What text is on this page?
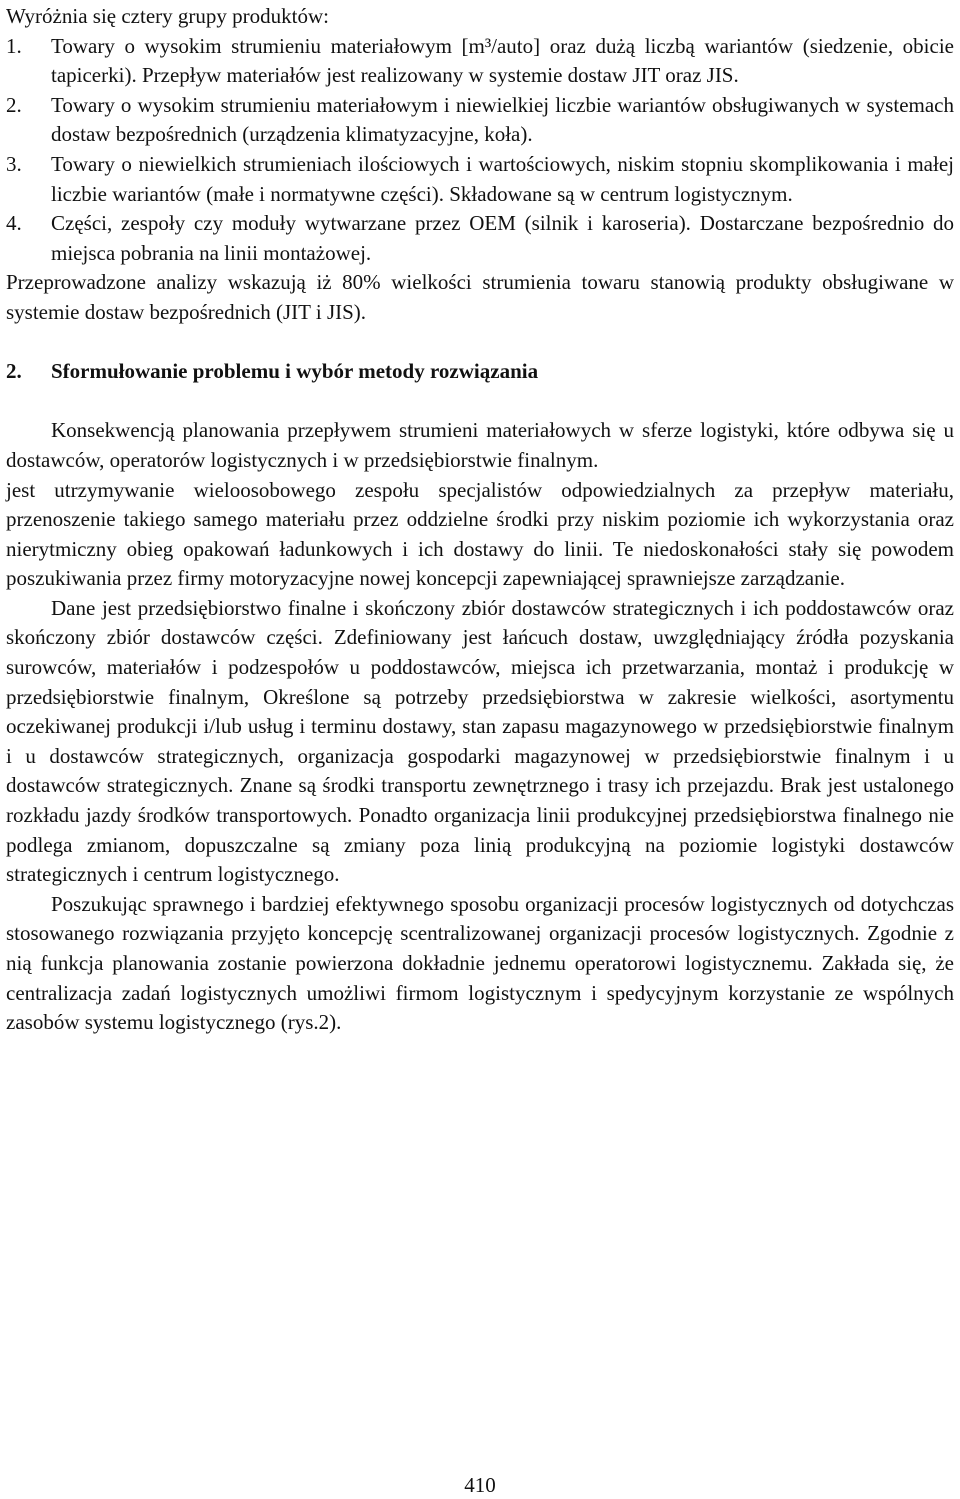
Wyróżnia się cztery grupy produktów:

1. Towary o wysokim strumieniu materiałowym [m³/auto] oraz dużą liczbą wariantów (siedzenie, obicie tapicerki). Przepływ materiałów jest realizowany w systemie dostaw JIT oraz JIS.
2. Towary o wysokim strumieniu materiałowym i niewielkiej liczbie wariantów obsługiwanych w systemach dostaw bezpośrednich (urządzenia klimatyzacyjne, koła).
3. Towary o niewielkich strumieniach ilościowych i wartościowych, niskim stopniu skomplikowania i małej liczbie wariantów (małe i normatywne części). Składowane są w centrum logistycznym.
4. Części, zespoły czy moduły wytwarzane przez OEM (silnik i karoseria). Dostarczane bezpośrednio do miejsca pobrania na linii montażowej.

Przeprowadzone analizy wskazują iż 80% wielkości strumienia towaru stanowią produkty obsługiwane w systemie dostaw bezpośrednich (JIT i JIS).

2. Sformułowanie problemu i wybór metody rozwiązania

Konsekwencją planowania przepływem strumieni materiałowych w sferze logistyki, które odbywa się u dostawców, operatorów logistycznych i w przedsiębiorstwie finalnym.

jest utrzymywanie wieloosobowego zespołu specjalistów odpowiedzialnych za przepływ materiału, przenoszenie takiego samego materiału przez oddzielne środki przy niskim poziomie ich wykorzystania oraz nierytmiczny obieg opakowań ładunkowych i ich dostawy do linii. Te niedoskonałości stały się powodem poszukiwania przez firmy motoryzacyjne nowej koncepcji zapewniającej sprawniejsze zarządzanie.

Dane jest przedsiębiorstwo finalne i skończony zbiór dostawców strategicznych i ich poddostawców oraz skończony zbiór dostawców części. Zdefiniowany jest łańcuch dostaw, uwzględniający źródła pozyskania surowców, materiałów i podzespołów u poddostawców, miejsca ich przetwarzania, montaż i produkcję w przedsiębiorstwie finalnym, Określone są potrzeby przedsiębiorstwa w zakresie wielkości, asortymentu oczekiwanej produkcji i/lub usług i terminu dostawy, stan zapasu magazynowego w przedsiębiorstwie finalnym i u dostawców strategicznych, organizacja gospodarki magazynowej w przedsiębiorstwie finalnym i u dostawców strategicznych. Znane są środki transportu zewnętrznego i trasy ich przejazdu. Brak jest ustalonego rozkładu jazdy środków transportowych. Ponadto organizacja linii produkcyjnej przedsiębiorstwa finalnego nie podlega zmianom, dopuszczalne są zmiany poza linią produkcyjną na poziomie logistyki dostawców strategicznych i centrum logistycznego.

Poszukując sprawnego i bardziej efektywnego sposobu organizacji procesów logistycznych od dotychczas stosowanego rozwiązania przyjęto koncepcję scentralizowanej organizacji procesów logistycznych. Zgodnie z nią funkcja planowania zostanie powierzona dokładnie jednemu operatorowi logistycznemu. Zakłada się, że centralizacja zadań logistycznych umożliwi firmom logistycznym i spedycyjnym korzystanie ze wspólnych zasobów systemu logistycznego (rys.2).

410
